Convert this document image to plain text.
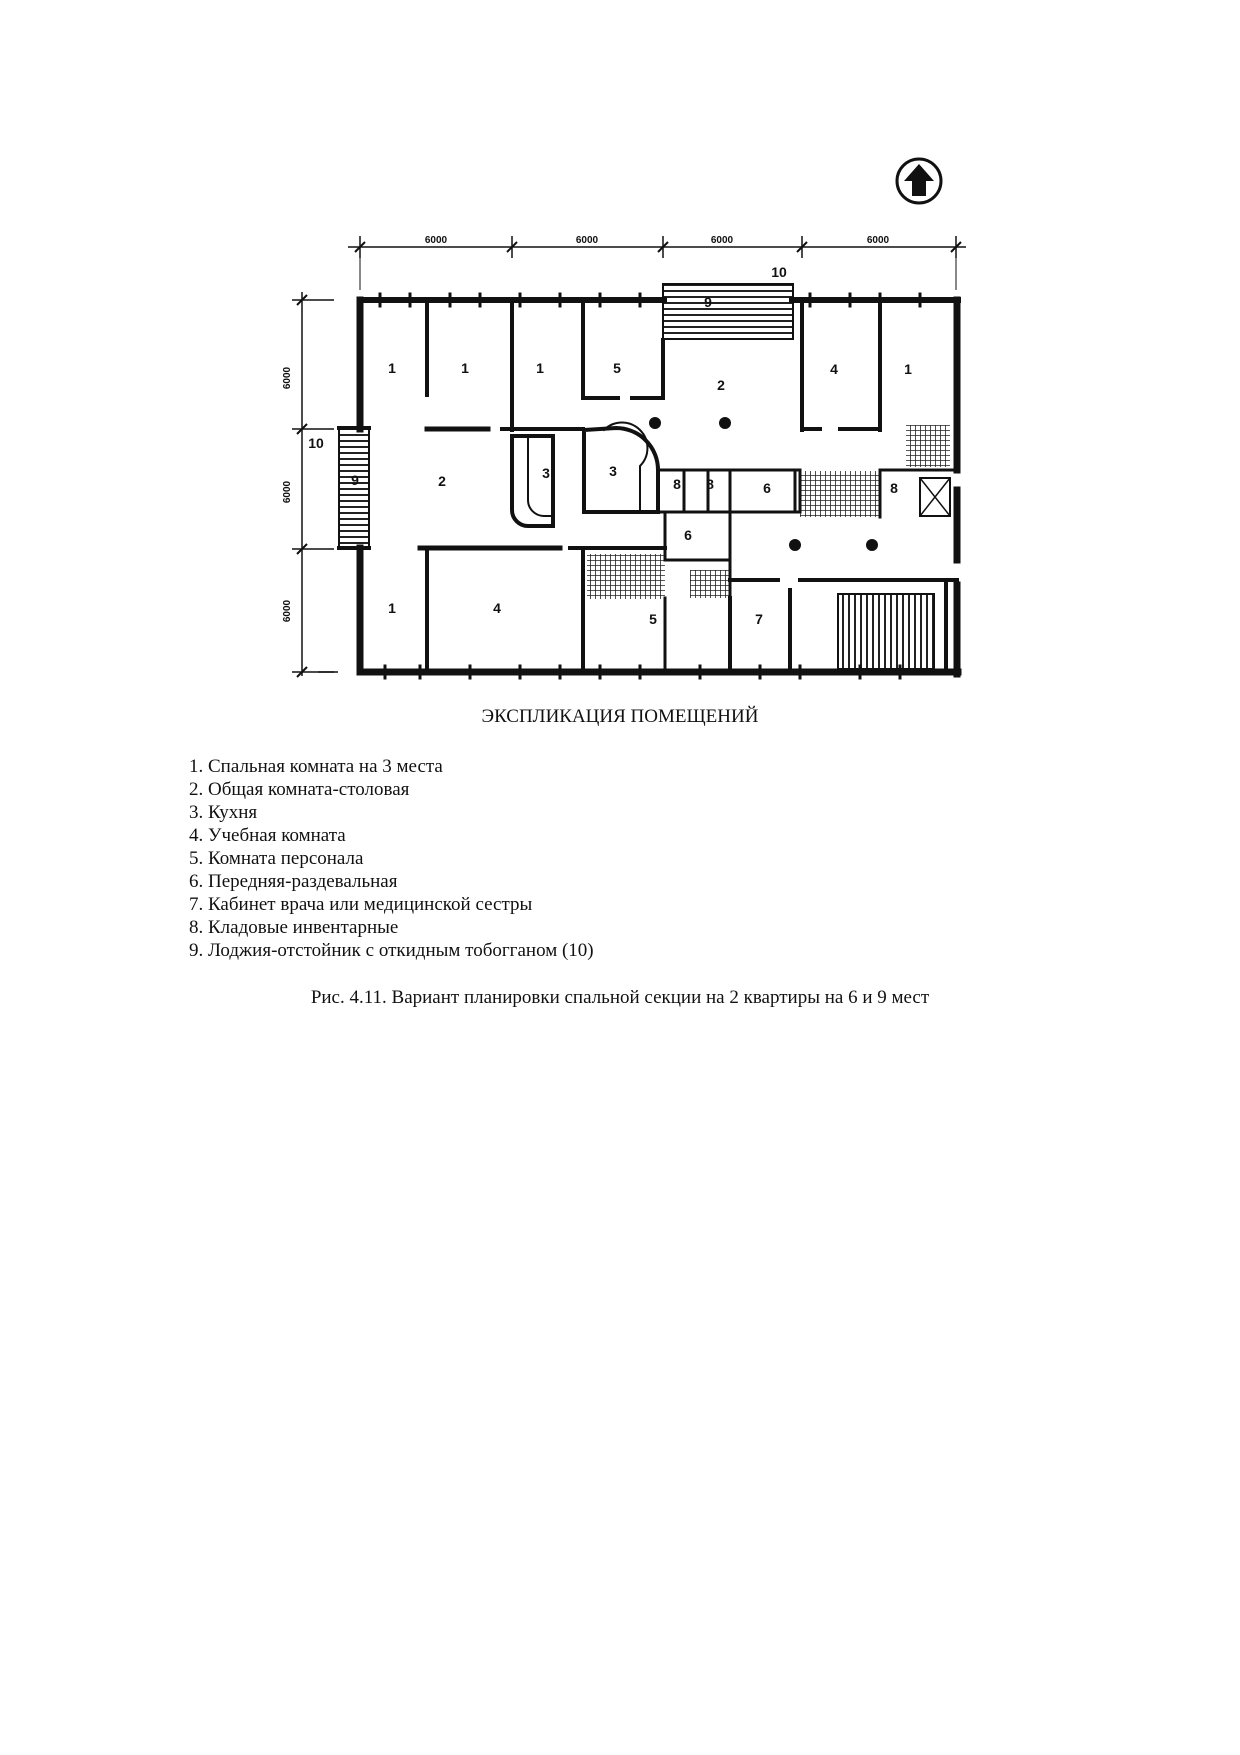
6000	6000	6000	6000
6000
6000
6000
1	1	1	5
2
4	1
9
10
10
9	2	3	3
8 8	6	8
6
1	4
5	7
ЭКСПЛИКАЦИЯ ПОМЕЩЕНИЙ
1. Спальная комната на 3 места
2. Общая комната-столовая
3. Кухня
4. Учебная комната
5. Комната персонала
6. Передняя-раздевальная
7. Кабинет врача или медицинской сестры
8. Кладовые инвентарные
9. Лоджия-отстойник с откидным тобогганом (10)
Рис. 4.11. Вариант планировки спальной секции на 2 квартиры на 6 и 9 мест
